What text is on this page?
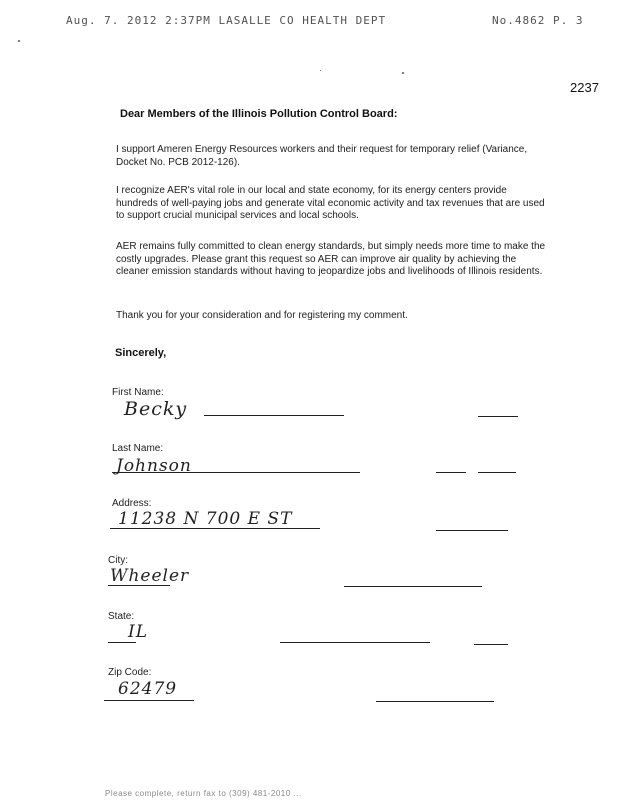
Aug. 7. 2012 2:37PM LASALLE CO HEALTH DEPT	No.4862 P. 3
2237
Dear Members of the Illinois Pollution Control Board:
I support Ameren Energy Resources workers and their request for temporary relief (Variance, Docket No. PCB 2012-126).
I recognize AER's vital role in our local and state economy, for its energy centers provide hundreds of well-paying jobs and generate vital economic activity and tax revenues that are used to support crucial municipal services and local schools.
AER remains fully committed to clean energy standards, but simply needs more time to make the costly upgrades. Please grant this request so AER can improve air quality by achieving the cleaner emission standards without having to jeopardize jobs and livelihoods of Illinois residents.
Thank you for your consideration and for registering my comment.
Sincerely,
First Name:
Becky
Last Name:
Johnson
Address:
11238 N 700 E ST
City:
Wheeler
State:
IL
Zip Code:
62479
Please complete, return fax to (309) 481-2010 ...
